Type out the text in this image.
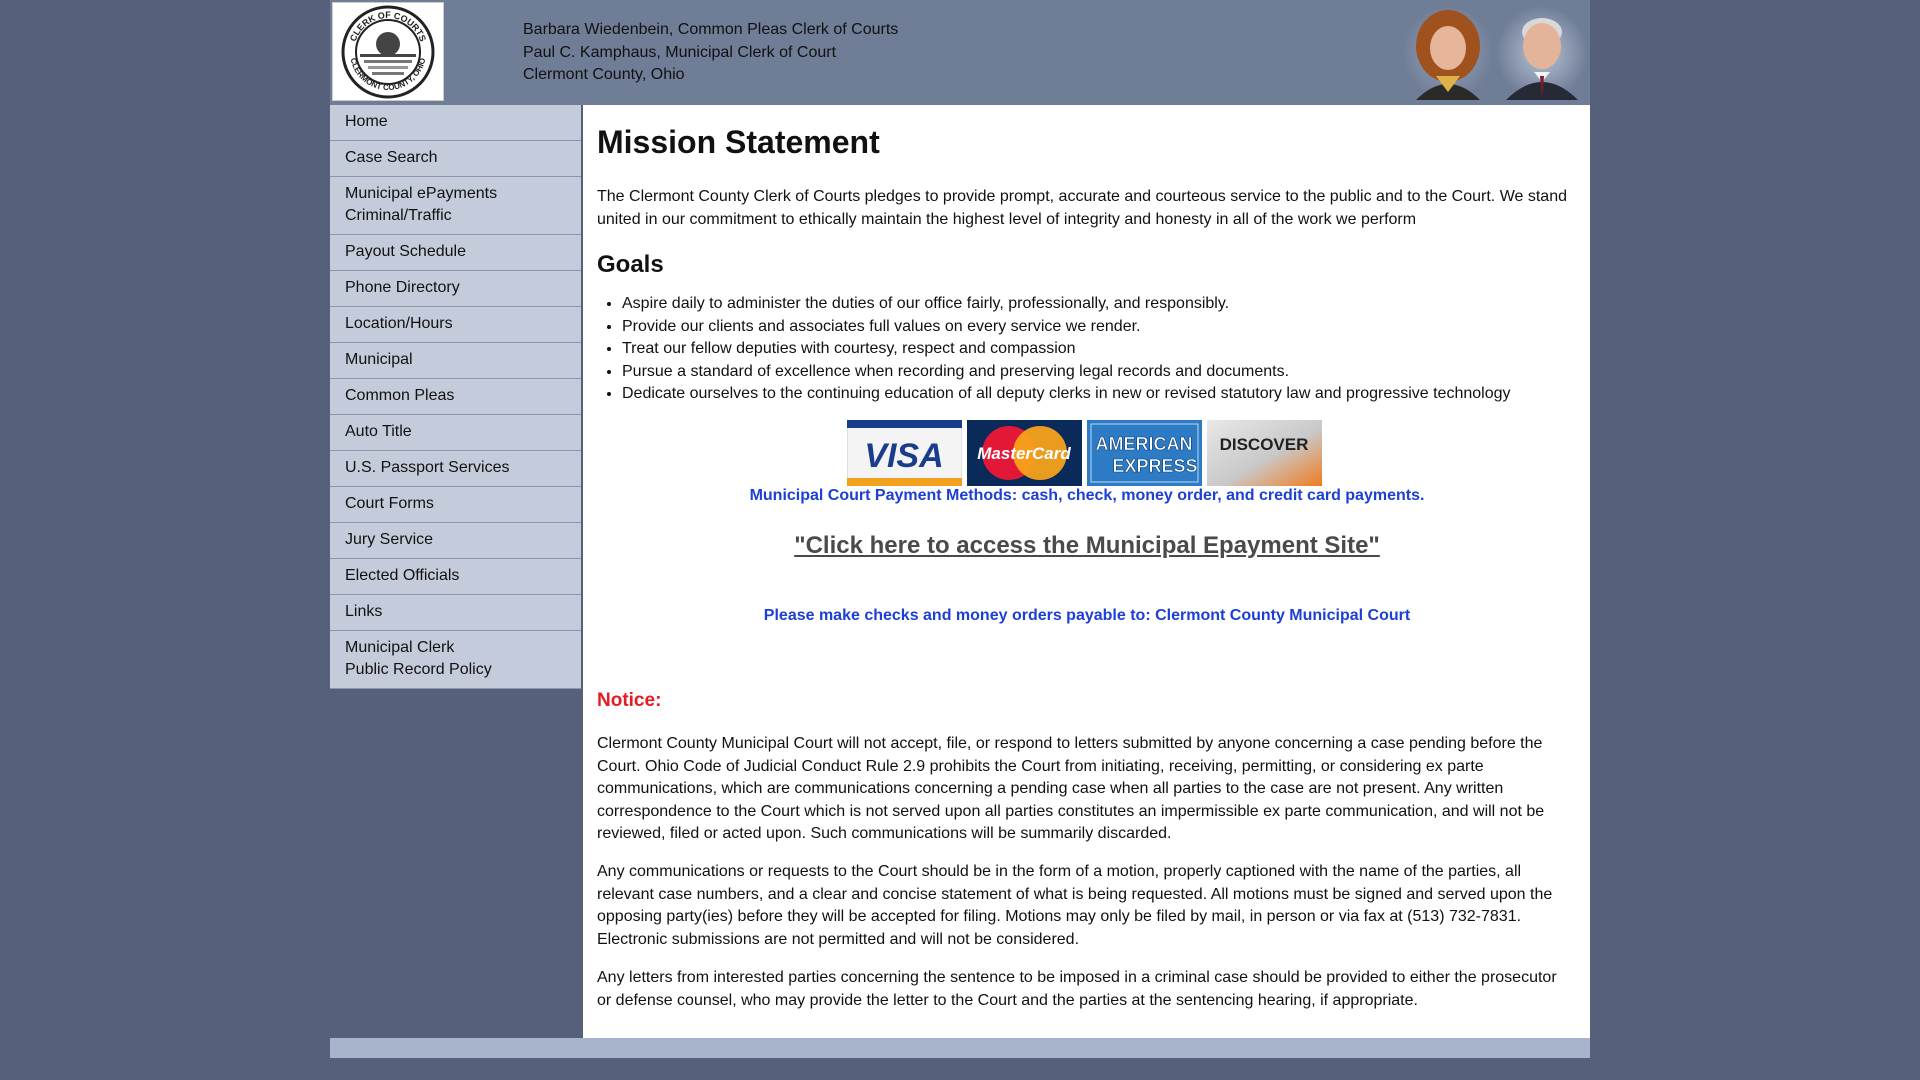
CLERK OF COURTS
CLERMONT COUNTY, OHIO
Barbara Wiedenbein, Common Pleas Clerk of Courts
Paul C. Kamphaus, Municipal Clerk of Court
Clermont County, Ohio
Home
Case Search
Municipal ePayments
Criminal/Traffic
Payout Schedule
Phone Directory
Location/Hours
Municipal
Common Pleas
Auto Title
U.S. Passport Services
Court Forms
Jury Service
Elected Officials
Links
Municipal Clerk
Public Record Policy
Mission Statement

The Clermont County Clerk of Courts pledges to provide prompt, accurate and courteous service to the public and to the Court. We stand united in our commitment to ethically maintain the highest level of integrity and honesty in all of the work we perform

Goals
• Aspire daily to administer the duties of our office fairly, professionally, and responsibly.
• Provide our clients and associates full values on every service we render.
• Treat our fellow deputies with courtesy, respect and compassion
• Pursue a standard of excellence when recording and preserving legal records and documents.
• Dedicate ourselves to the continuing education of all deputy clerks in new or revised statutory law and progressive technology
VISA MasterCard AMERICAN
EXPRESS
DISCOVER
Municipal Court Payment Methods: cash, check, money order, and credit card payments.
"Click here to access the Municipal Epayment Site"
Please make checks and money orders payable to: Clermont County Municipal Court
Notice:

Clermont County Municipal Court will not accept, file, or respond to letters submitted by anyone concerning a case pending before the Court. Ohio Code of Judicial Conduct Rule 2.9 prohibits the Court from initiating, receiving, permitting, or considering ex parte communications, which are communications concerning a pending case when all parties to the case are not present. Any written correspondence to the Court which is not served upon all parties constitutes an impermissible ex parte communication, and will not be reviewed, filed or acted upon. Such communications will be summarily discarded.

Any communications or requests to the Court should be in the form of a motion, properly captioned with the name of the parties, all relevant case numbers, and a clear and concise statement of what is being requested. All motions must be signed and served upon the opposing party(ies) before they will be accepted for filing. Motions may only be filed by mail, in person or via fax at (513) 732-7831. Electronic submissions are not permitted and will not be considered.

Any letters from interested parties concerning the sentence to be imposed in a criminal case should be provided to either the prosecutor or defense counsel, who may provide the letter to the Court and the parties at the sentencing hearing, if appropriate.
